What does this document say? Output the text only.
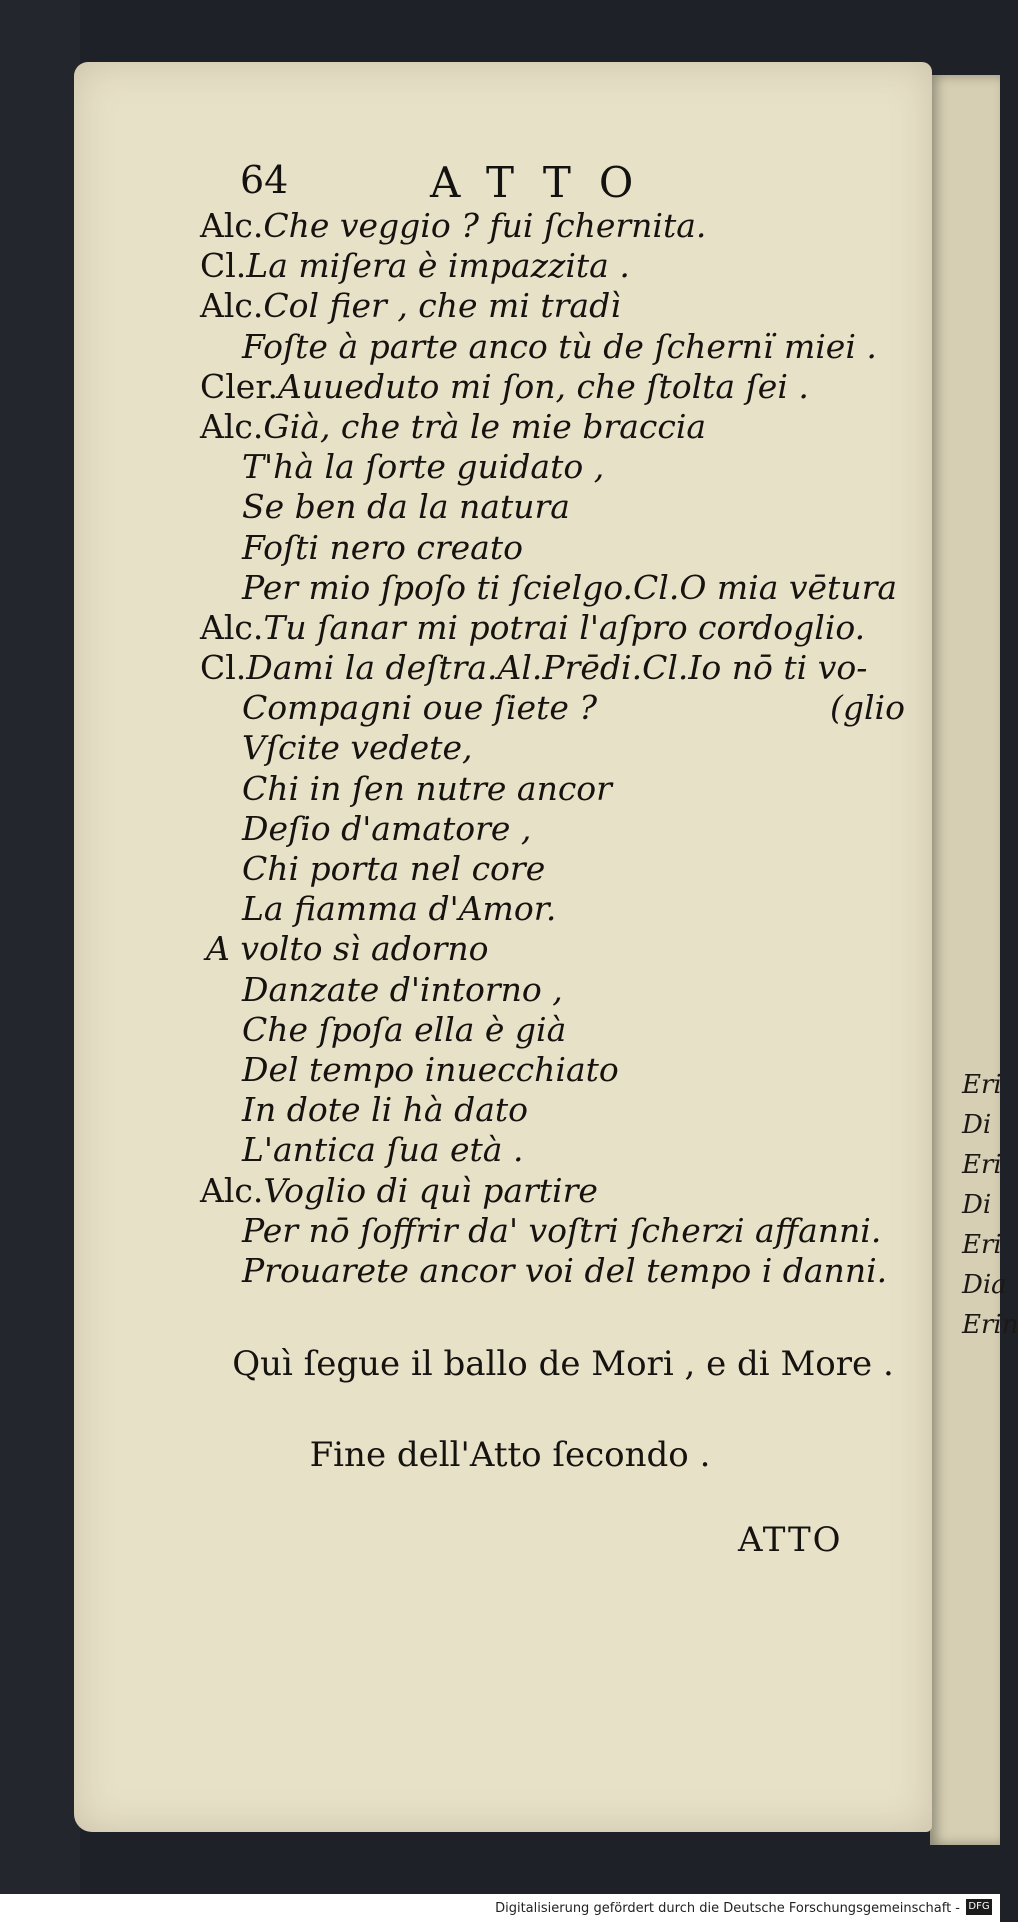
Eri
Di
Eri
Di
Eri
Dia
Erin
64	ATTO
Alc.Che veggio ? fui ſchernita.
Cl.La miſera è impazzita .
Alc.Col fier , che mi tradì
Foſte à parte anco tù de ſchernï miei .
Cler.Auueduto mi ſon, che ſtolta ſei .
Alc.Già, che trà le mie braccia
T'hà la ſorte guidato ,
Se ben da la natura
Foſti nero creato
Per mio ſpoſo ti ſcielgo.Cl.O mia vētura
Alc.Tu ſanar mi potrai l'aſpro cordoglio.
Cl.Dami la deſtra.Al.Prēdi.Cl.Io nō ti vo-
Compagni oue ſiete ?	(glio
Vſcite vedete,
Chi in ſen nutre ancor
Deſio d'amatore ,
Chi porta nel core
La fiamma d'Amor.
A volto sì adorno
Danzate d'intorno ,
Che ſpoſa ella è già
Del tempo inuecchiato
In dote li hà dato
L'antica ſua età .
Alc.Voglio di quì partire
Per nō ſoffrir da' voſtri ſcherzi affanni.
Prouarete ancor voi del tempo i danni.
Quì ſegue il ballo de Mori , e di More .
Fine dell'Atto ſecondo .
ATTO
Digitalisierung gefördert durch die Deutsche Forschungsgemeinschaft - DFG
